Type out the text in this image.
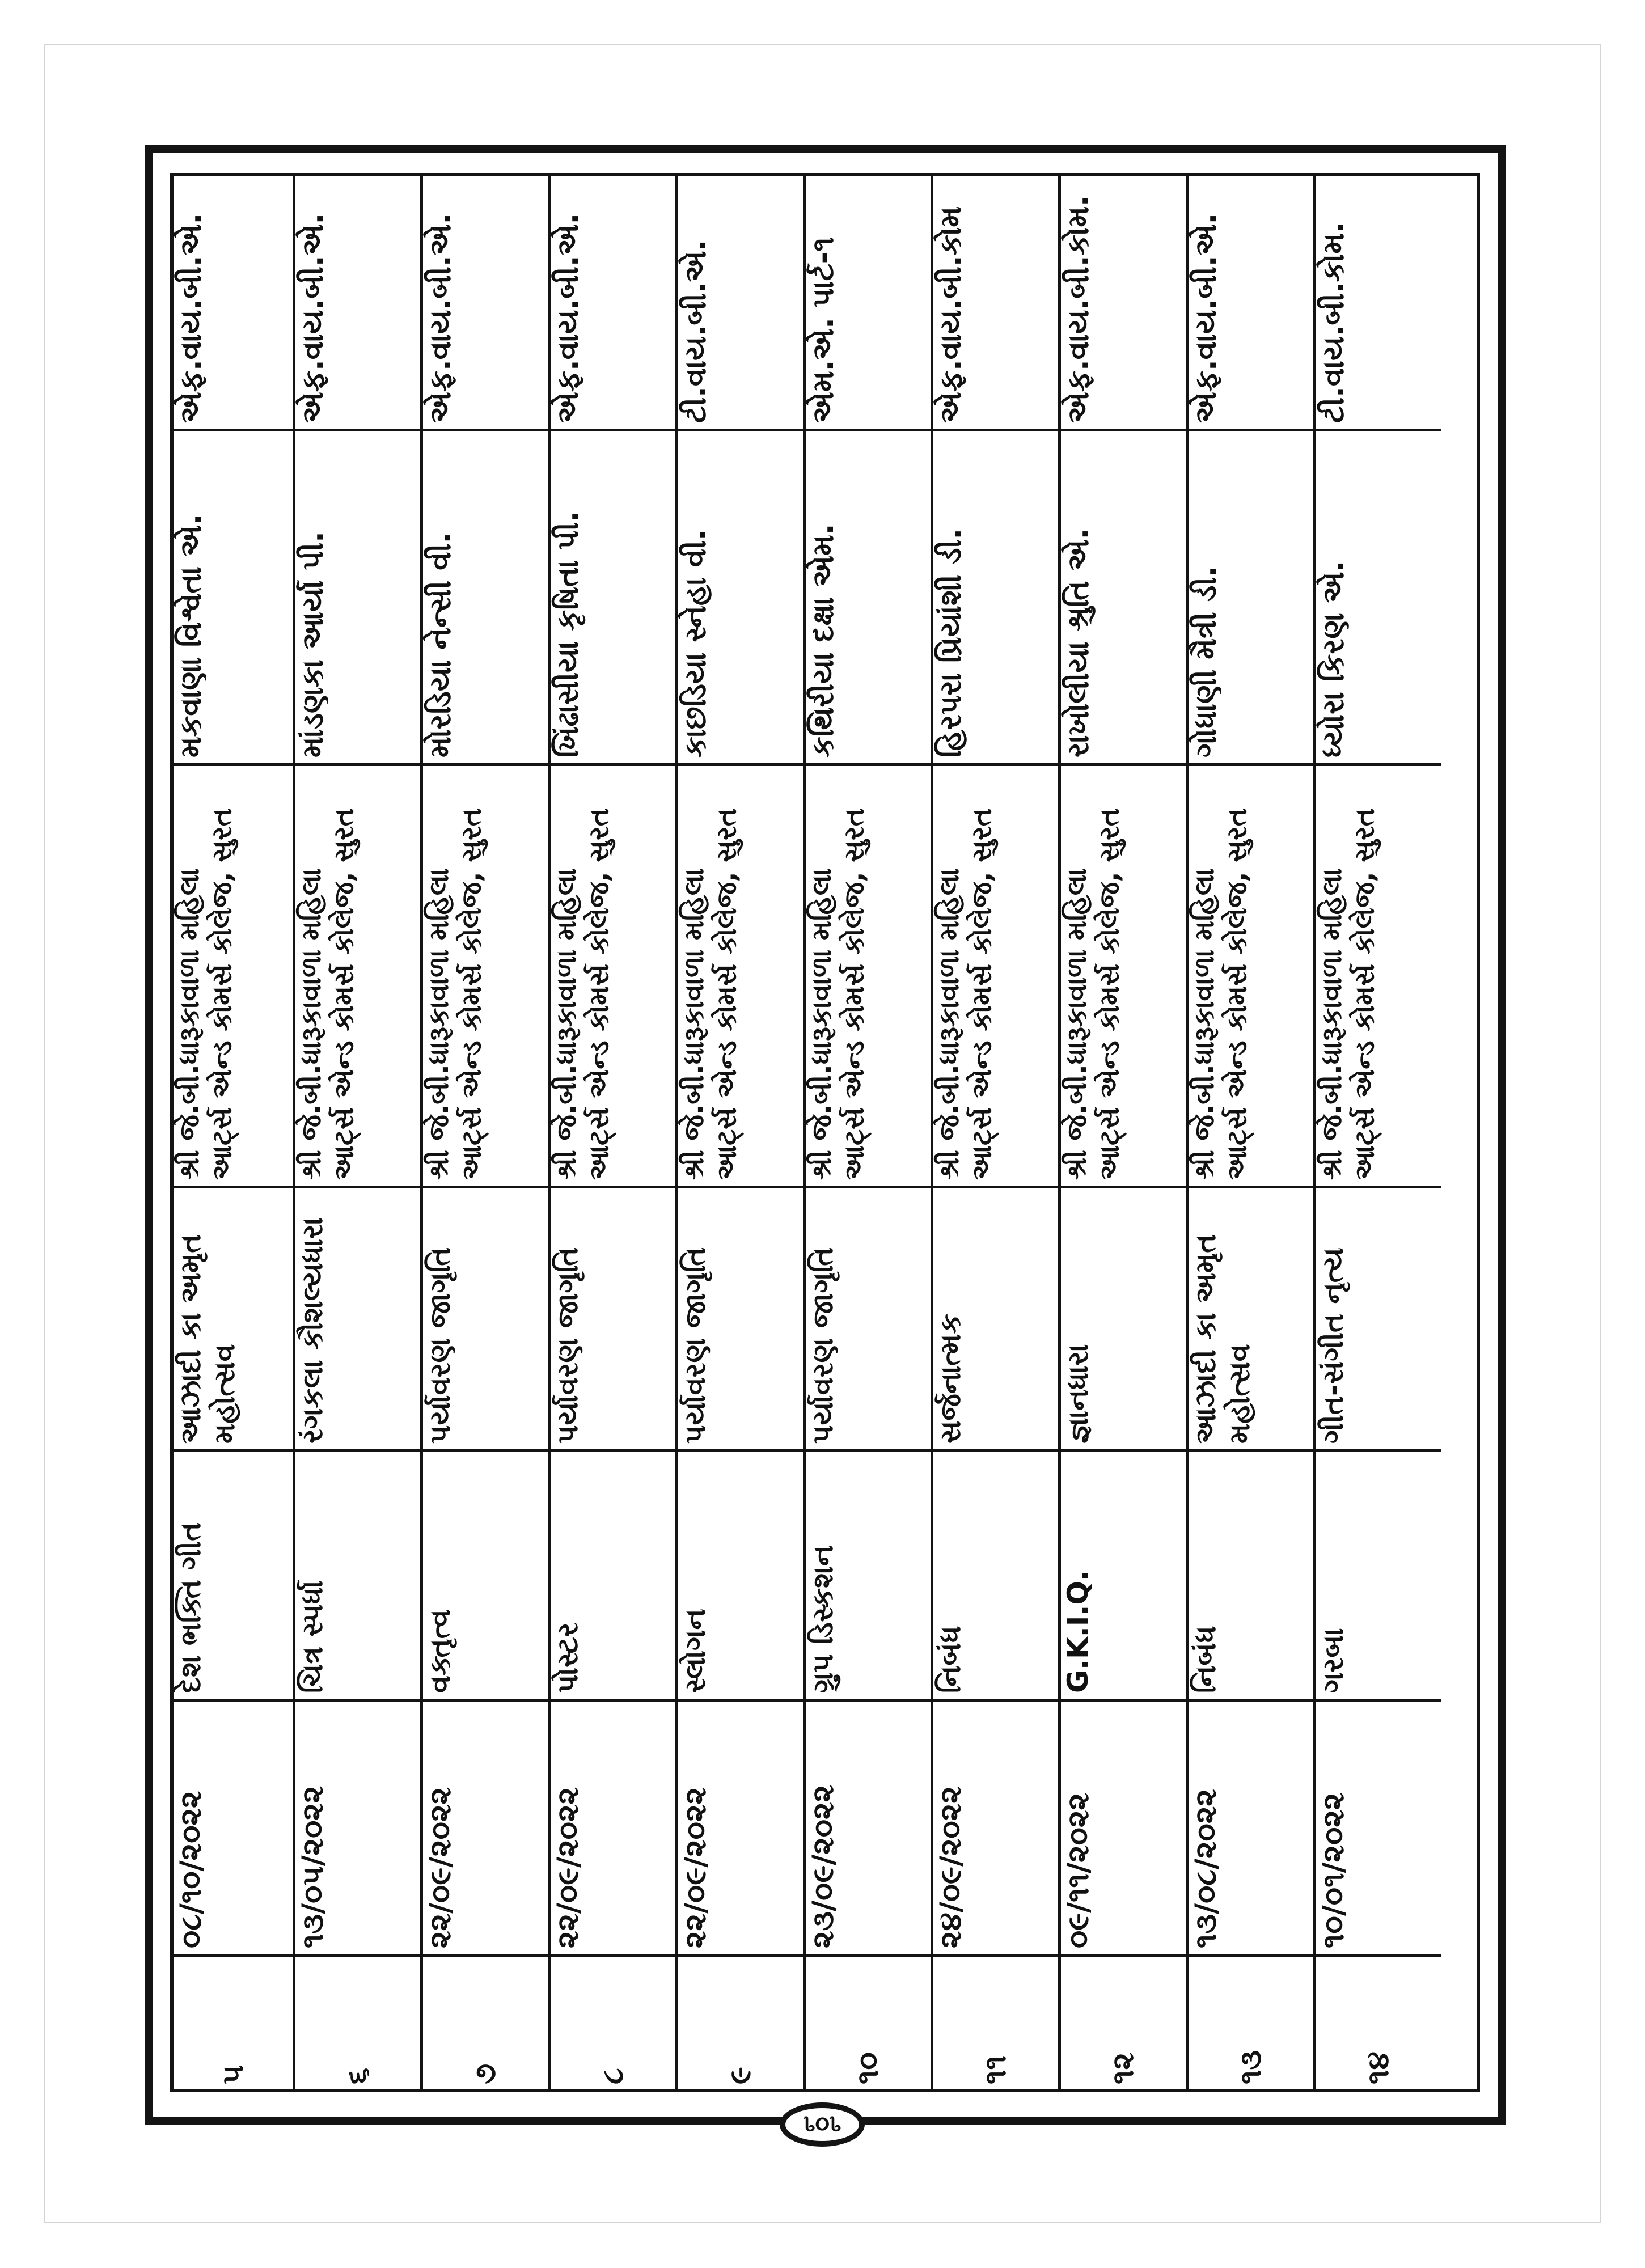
૫
૦૮/૧૦/૨૦૨૨
દેશ ભક્તિ ગીત
આઝાદી કા અમૃત મહોત્સવ
શ્રી જે.બી.ધારૂકાવાળા મહિલા આર્ટ્સ એન્ડ કોમર્સ કોલેજ, સુરત
મકવાણા વિશ્વેતા એ.
એફ.વાય.બી.એ.
૬
૧૩/૦૫/૨૦૨૨
ચિત્ર સ્પર્ધા
રંગકલા કૌશલ્યધારા
શ્રી જે.બી.ધારૂકાવાળા મહિલા આર્ટ્સ એન્ડ કોમર્સ કોલેજ, સુરત
માંડણકા આર્યા પી.
એફ.વાય.બી.એ.
૭
૨૨/૦૯/૨૦૨૨
વક્તૃત્વ
પર્યાવરણ જાગૃતિ
શ્રી જે.બી.ધારૂકાવાળા મહિલા આર્ટ્સ એન્ડ કોમર્સ કોલેજ, સુરત
મોરડિયા નેન્સી વી.
એફ.વાય.બી.એ.
૮
૨૨/૦૯/૨૦૨૨
પોસ્ટર
પર્યાવરણ જાગૃતિ
શ્રી જે.બી.ધારૂકાવાળા મહિલા આર્ટ્સ એન્ડ કોમર્સ કોલેજ, સુરત
ખિંઢાસીયા કૃષિતા પી.
એફ.વાય.બી.એ.
૯
૨૨/૦૯/૨૦૨૨
સ્લોગન
પર્યાવરણ જાગૃતિ
શ્રી જે.બી.ધારૂકાવાળા મહિલા આર્ટ્સ એન્ડ કોમર્સ કોલેજ, સુરત
કાછડિયા સ્નેહા વી.
ટી.વાય.બી.એ.
૧૦
૨૩/૦૯/૨૦૨૨
ગ્રુપ ડિસ્કશન
પર્યાવરણ જાગૃતિ
શ્રી જે.બી.ધારૂકાવાળા મહિલા આર્ટ્સ એન્ડ કોમર્સ કોલેજ, સુરત
કથિરીયા દક્ષા એમ.
એમ.એ. પાર્ટ-૧
૧૧
૨૪/૦૯/૨૦૨૨
નિબંધ
સર્જનાત્મક
શ્રી જે.બી.ધારૂકાવાળા મહિલા આર્ટ્સ એન્ડ કોમર્સ કોલેજ, સુરત
હિરપરા પ્રિયાંશી ડી.
એફ.વાય.બી.કોમ
૧૨
૦૯/૧૧/૨૦૨૨
G.K.I.Q.
જ્ઞાનધારા
શ્રી જે.બી.ધારૂકાવાળા મહિલા આર્ટ્સ એન્ડ કોમર્સ કોલેજ, સુરત
રાખોલીયા શ્રુતિ એ.
એફ.વાય.બી.કોમ.
૧૩
૧૩/૦૮/૨૦૨૨
નિબંધ
આઝાદી કા અમૃત મહોત્સવ
શ્રી જે.બી.ધારૂકાવાળા મહિલા આર્ટ્સ એન્ડ કોમર્સ કોલેજ, સુરત
ગોધાણી મૈત્રી ડી.
એફ.વાય.બી.એ.
૧૪
૧૦/૦૧/૨૦૨૨
ગરબા
ગીત-સંગીત નૃત્ય
શ્રી જે.બી.ધારૂકાવાળા મહિલા આર્ટ્સ એન્ડ કોમર્સ કોલેજ, સુરત
ધ્યોરા કિરણ એ.
ટી.વાય.બી.કોમ.
૧૦૧
